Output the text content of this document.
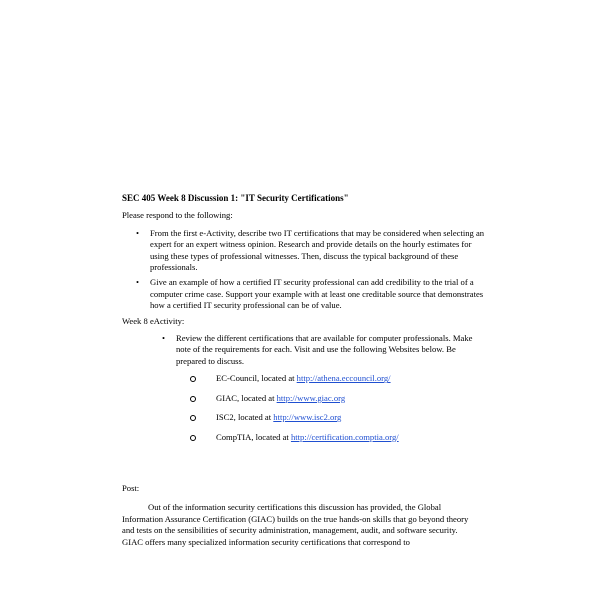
SEC 405 Week 8 Discussion 1: "IT Security Certifications"
Please respond to the following:
• From the first e-Activity, describe two IT certifications that may be considered when selecting an expert for an expert witness opinion. Research and provide details on the hourly estimates for using these types of professional witnesses. Then, discuss the typical background of these professionals.
• Give an example of how a certified IT security professional can add credibility to the trial of a computer crime case. Support your example with at least one creditable source that demonstrates how a certified IT security professional can be of value.
Week 8 eActivity:
• Review the different certifications that are available for computer professionals. Make note of the requirements for each. Visit and use the following Websites below. Be prepared to discuss.
EC-Council, located at http://athena.eccouncil.org/
GIAC, located at http://www.giac.org
ISC2, located at http://www.isc2.org
CompTIA, located at http://certification.comptia.org/
Post:
Out of the information security certifications this discussion has provided, the Global Information Assurance Certification (GIAC) builds on the true hands-on skills that go beyond theory and tests on the sensibilities of security administration, management, audit, and software security. GIAC offers many specialized information security certifications that correspond to
